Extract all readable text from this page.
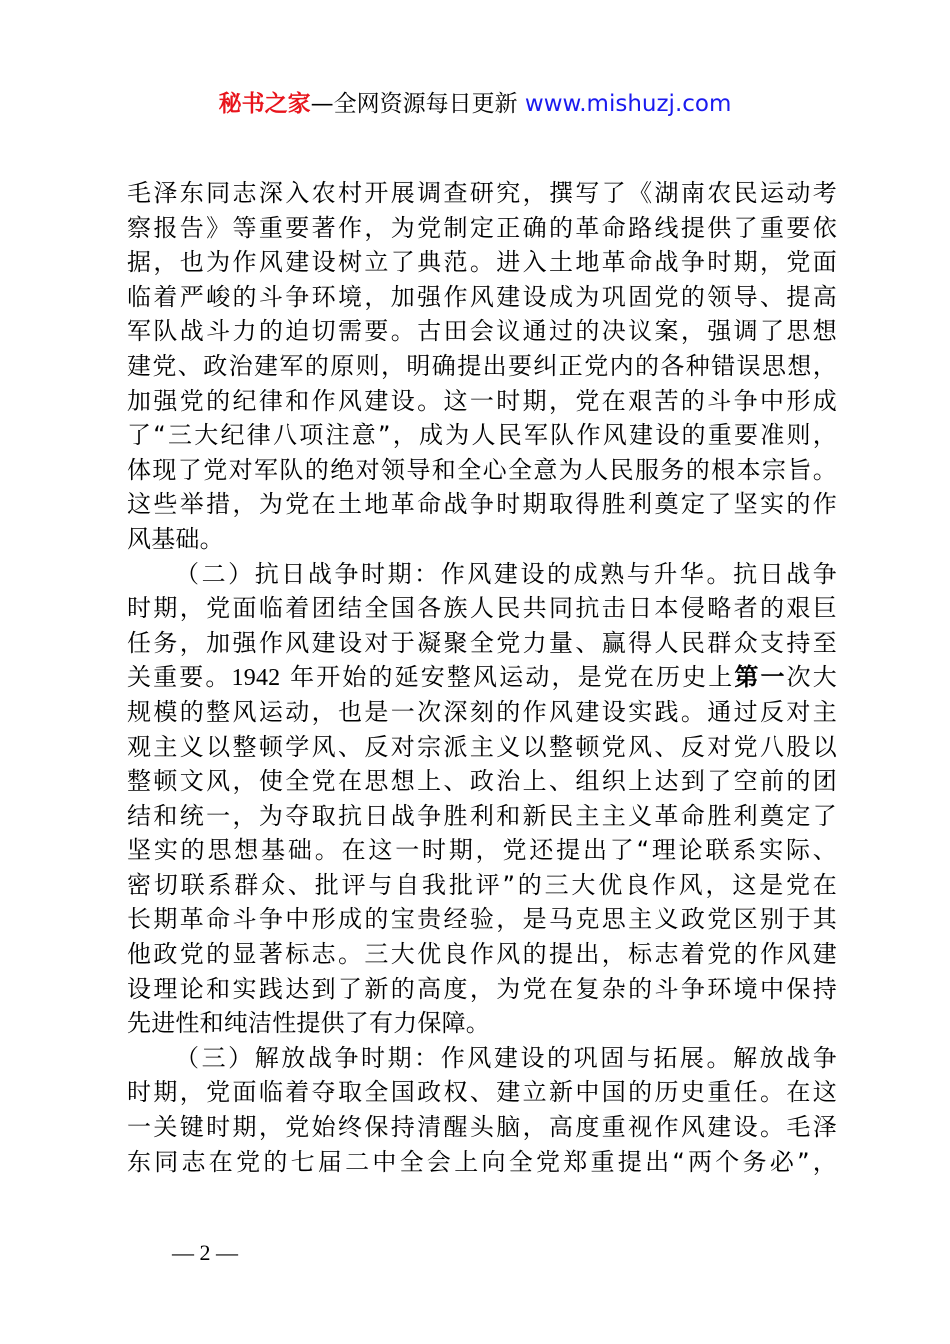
秘书之家—全网资源每日更新 www.mishuzj.com
毛泽东同志深入农村开展调查研究，撰写了《湖南农民运动考
察报告》等重要著作，为党制定正确的革命路线提供了重要依
据，也为作风建设树立了典范。进入土地革命战争时期，党面
临着严峻的斗争环境，加强作风建设成为巩固党的领导、提高
军队战斗力的迫切需要。古田会议通过的决议案，强调了思想
建党、政治建军的原则，明确提出要纠正党内的各种错误思想，
加强党的纪律和作风建设。这一时期，党在艰苦的斗争中形成
了“三大纪律八项注意”，成为人民军队作风建设的重要准则，
体现了党对军队的绝对领导和全心全意为人民服务的根本宗旨。
这些举措，为党在土地革命战争时期取得胜利奠定了坚实的作
风基础。
（二）抗日战争时期：作风建设的成熟与升华。抗日战争
时期，党面临着团结全国各族人民共同抗击日本侵略者的艰巨
任务，加强作风建设对于凝聚全党力量、赢得人民群众支持至
关重要。1942 年开始的延安整风运动，是党在历史上第一次大
规模的整风运动，也是一次深刻的作风建设实践。通过反对主
观主义以整顿学风、反对宗派主义以整顿党风、反对党八股以
整顿文风，使全党在思想上、政治上、组织上达到了空前的团
结和统一，为夺取抗日战争胜利和新民主主义革命胜利奠定了
坚实的思想基础。在这一时期，党还提出了“理论联系实际、
密切联系群众、批评与自我批评”的三大优良作风，这是党在
长期革命斗争中形成的宝贵经验，是马克思主义政党区别于其
他政党的显著标志。三大优良作风的提出，标志着党的作风建
设理论和实践达到了新的高度，为党在复杂的斗争环境中保持
先进性和纯洁性提供了有力保障。
（三）解放战争时期：作风建设的巩固与拓展。解放战争
时期，党面临着夺取全国政权、建立新中国的历史重任。在这
一关键时期，党始终保持清醒头脑，高度重视作风建设。毛泽
东同志在党的七届二中全会上向全党郑重提出“两个务必”，
— 2 —
